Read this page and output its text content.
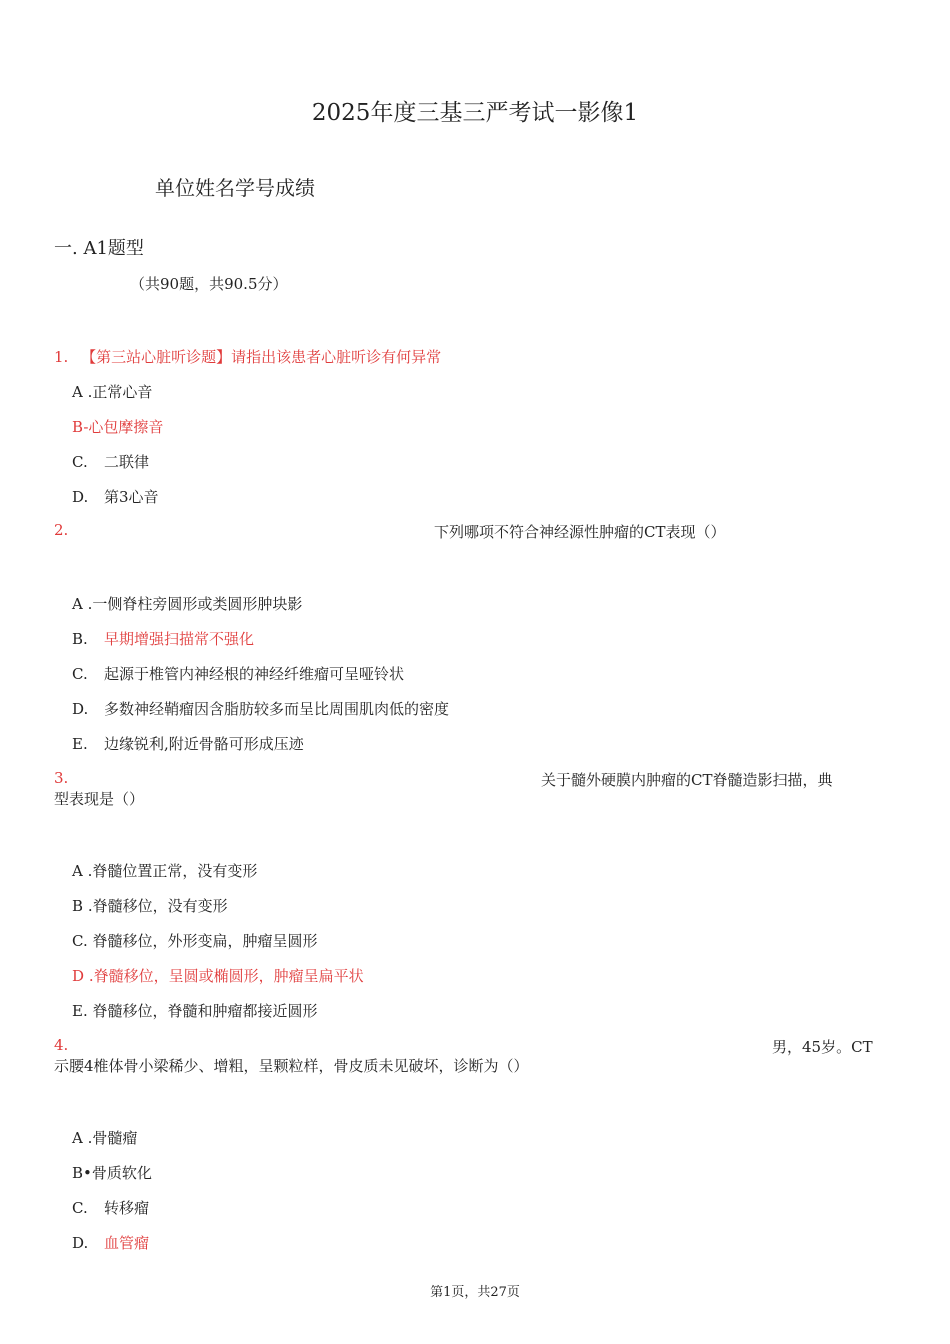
2025年度三基三严考试一影像1
单位姓名学号成绩
一. A1题型
（共90题，共90.5分）
1. 【第三站心脏听诊题】请指出该患者心脏听诊有何异常
A .正常心音
B-心包摩擦音
C. 二联律
D. 第3心音
2.	下列哪项不符合神经源性肿瘤的CT表现（）
A .一侧脊柱旁圆形或类圆形肿块影
B. 早期增强扫描常不强化
C. 起源于椎管内神经根的神经纤维瘤可呈哑铃状
D. 多数神经鞘瘤因含脂肪较多而呈比周围肌肉低的密度
E. 边缘锐利,附近骨骼可形成压迹
3.	关于髓外硬膜内肿瘤的CT脊髓造影扫描，典
型表现是（）
A .脊髓位置正常，没有变形
B .脊髓移位，没有变形
C. 脊髓移位，外形变扁，肿瘤呈圆形
D .脊髓移位，呈圆或椭圆形，肿瘤呈扁平状
E. 脊髓移位，脊髓和肿瘤都接近圆形
4.	男，45岁。CT
示腰4椎体骨小梁稀少、增粗，呈颗粒样，骨皮质未见破坏，诊断为（）
A .骨髓瘤
B•骨质软化
C. 转移瘤
D. 血管瘤
第1页，共27页
